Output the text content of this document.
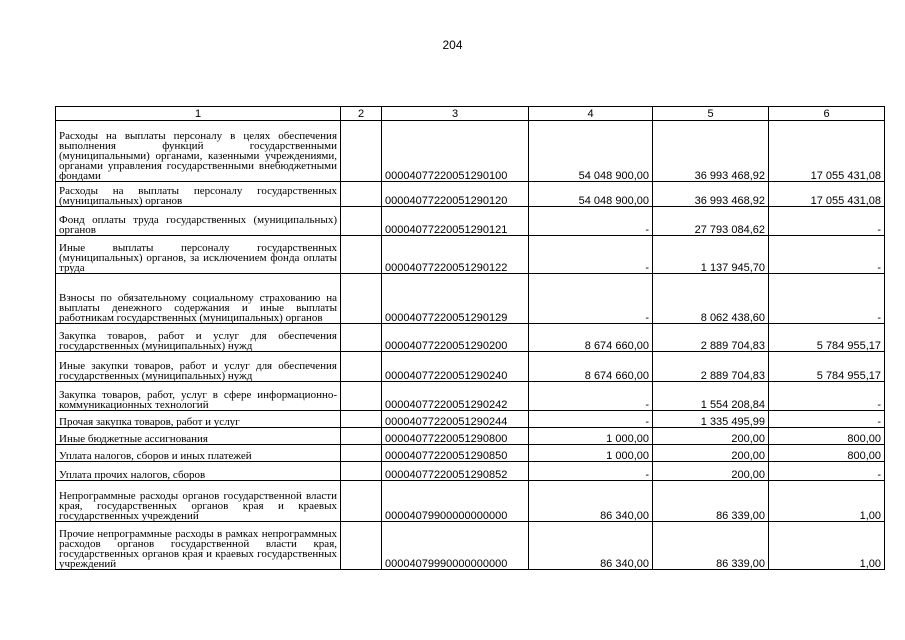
204
1	2	3	4	5	6
Расходы на выплаты персоналу в целях обеспечения выполнения функций государственными (муниципальными) органами, казенными учреждениями, органами управления государственными внебюджетными фондами		00004077220051290100	54 048 900,00	36 993 468,92	17 055 431,08
Расходы на выплаты персоналу государственных (муниципальных) органов		00004077220051290120	54 048 900,00	36 993 468,92	17 055 431,08
Фонд оплаты труда государственных (муниципальных) органов		00004077220051290121	-	27 793 084,62	-
Иные выплаты персоналу государственных (муниципальных) органов, за исключением фонда оплаты труда		00004077220051290122	-	1 137 945,70	-
Взносы по обязательному социальному страхованию на выплаты денежного содержания и иные выплаты работникам государственных (муниципальных) органов		00004077220051290129	-	8 062 438,60	-
Закупка товаров, работ и услуг для обеспечения государственных (муниципальных) нужд		00004077220051290200	8 674 660,00	2 889 704,83	5 784 955,17
Иные закупки товаров, работ и услуг для обеспечения государственных (муниципальных) нужд		00004077220051290240	8 674 660,00	2 889 704,83	5 784 955,17
Закупка товаров, работ, услуг в сфере информационно-коммуникационных технологий		00004077220051290242	-	1 554 208,84	-
Прочая закупка товаров, работ и услуг		00004077220051290244	-	1 335 495,99	-
Иные бюджетные ассигнования		00004077220051290800	1 000,00	200,00	800,00
Уплата налогов, сборов и иных платежей		00004077220051290850	1 000,00	200,00	800,00
Уплата прочих налогов, сборов		00004077220051290852	-	200,00	-
Непрограммные расходы органов государственной власти края, государственных органов края и краевых государственных учреждений		00004079900000000000	86 340,00	86 339,00	1,00
Прочие непрограммные расходы в рамках непрограммных расходов органов государственной власти края, государственных органов края и краевых государственных учреждений		00004079990000000000	86 340,00	86 339,00	1,00
